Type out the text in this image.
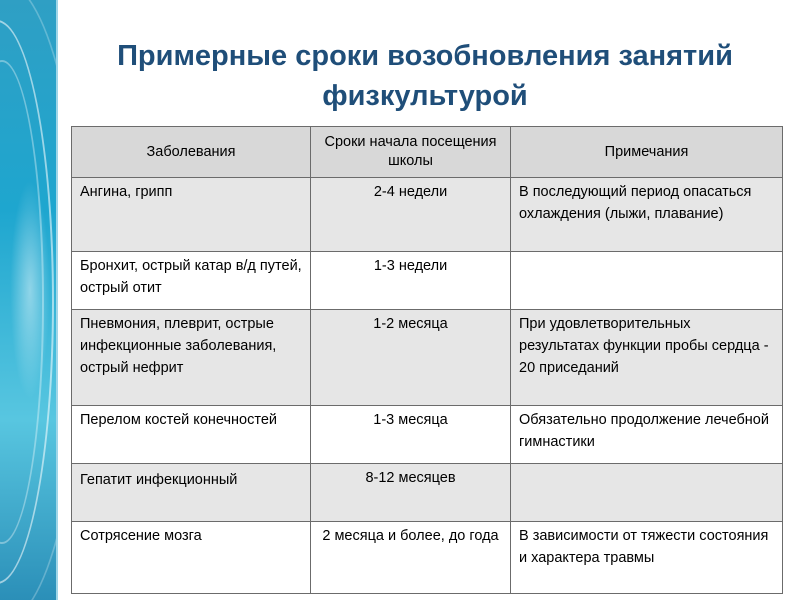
Примерные сроки возобновления занятий физкультурой
Заболевания	Сроки начала посещения школы	Примечания
Ангина, грипп	2-4 недели	В последующий период опасаться охлаждения (лыжи, плавание)
Бронхит, острый катар в/д путей, острый отит	1-3 недели	
Пневмония, плеврит, острые инфекционные заболевания, острый нефрит	1-2 месяца	При удовлетворительных результатах функции пробы сердца - 20 приседаний
Перелом костей конечностей	1-3 месяца	Обязательно продолжение лечебной гимнастики
Гепатит инфекционный	8-12 месяцев	
Сотрясение мозга	2 месяца и более, до года	В зависимости от тяжести состояния и характера травмы
